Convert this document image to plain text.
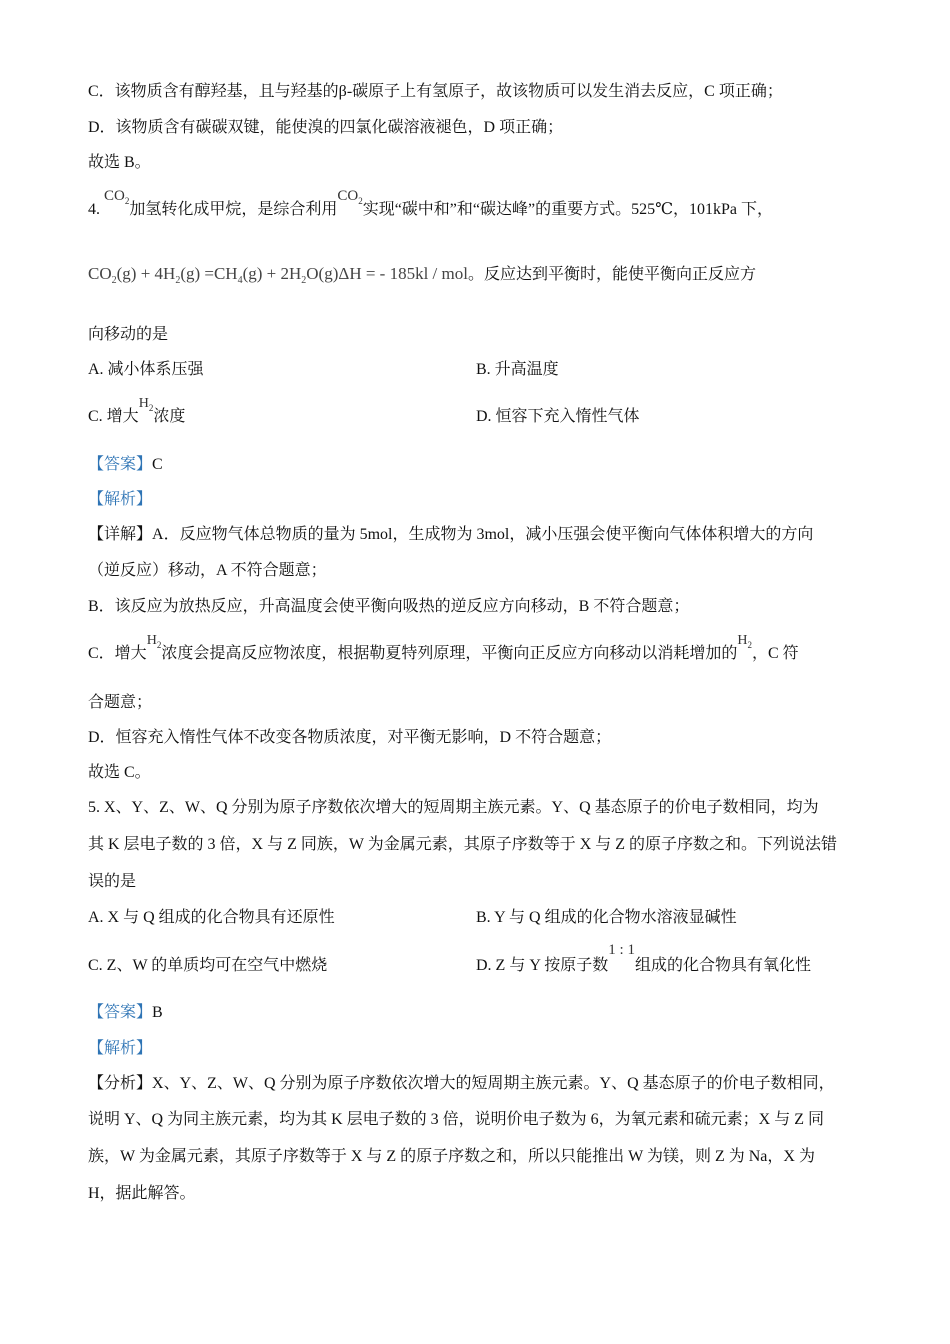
C．该物质含有醇羟基，且与羟基的β-碳原子上有氢原子，故该物质可以发生消去反应，C 项正确；
D．该物质含有碳碳双键，能使溴的四氯化碳溶液褪色，D 项正确；
故选 B。
4. $CO_2$加氢转化成甲烷，是综合利用$CO_2$实现“碳中和”和“碳达峰”的重要方式。525℃，101kPa 下，
$CO_2(g) + 4H_2(g) =CH_4(g) + 2H_2O(g)\Delta H$ = - 185kl / mol。反应达到平衡时，能使平衡向正反应方
向移动的是
A. 减小体系压强	B. 升高温度
C. 增大$H_2$浓度	D. 恒容下充入惰性气体
【答案】C
【解析】
【详解】A．反应物气体总物质的量为 5mol，生成物为 3mol，减小压强会使平衡向气体体积增大的方向
（逆反应）移动，A 不符合题意；
B．该反应为放热反应，升高温度会使平衡向吸热的逆反应方向移动，B 不符合题意；
C．增大$H_2$浓度会提高反应物浓度，根据勒夏特列原理，平衡向正反应方向移动以消耗增加的$H_2$，C 符
合题意；
D．恒容充入惰性气体不改变各物质浓度，对平衡无影响，D 不符合题意；
故选 C。
5. X、Y、Z、W、Q 分别为原子序数依次增大的短周期主族元素。Y、Q 基态原子的价电子数相同，均为
其 K 层电子数的 3 倍，X 与 Z 同族，W 为金属元素，其原子序数等于 X 与 Z 的原子序数之和。下列说法错
误的是
A. X 与 Q 组成的化合物具有还原性	B. Y 与 Q 组成的化合物水溶液显碱性
C. Z、W 的单质均可在空气中燃烧	D. Z 与 Y 按原子数1 : 1组成的化合物具有氧化性
【答案】B
【解析】
【分析】X、Y、Z、W、Q 分别为原子序数依次增大的短周期主族元素。Y、Q 基态原子的价电子数相同，
说明 Y、Q 为同主族元素，均为其 K 层电子数的 3 倍，说明价电子数为 6，为氧元素和硫元素；X 与 Z 同
族，W 为金属元素，其原子序数等于 X 与 Z 的原子序数之和，所以只能推出 W 为镁，则 Z 为 Na，X 为
H，据此解答。
